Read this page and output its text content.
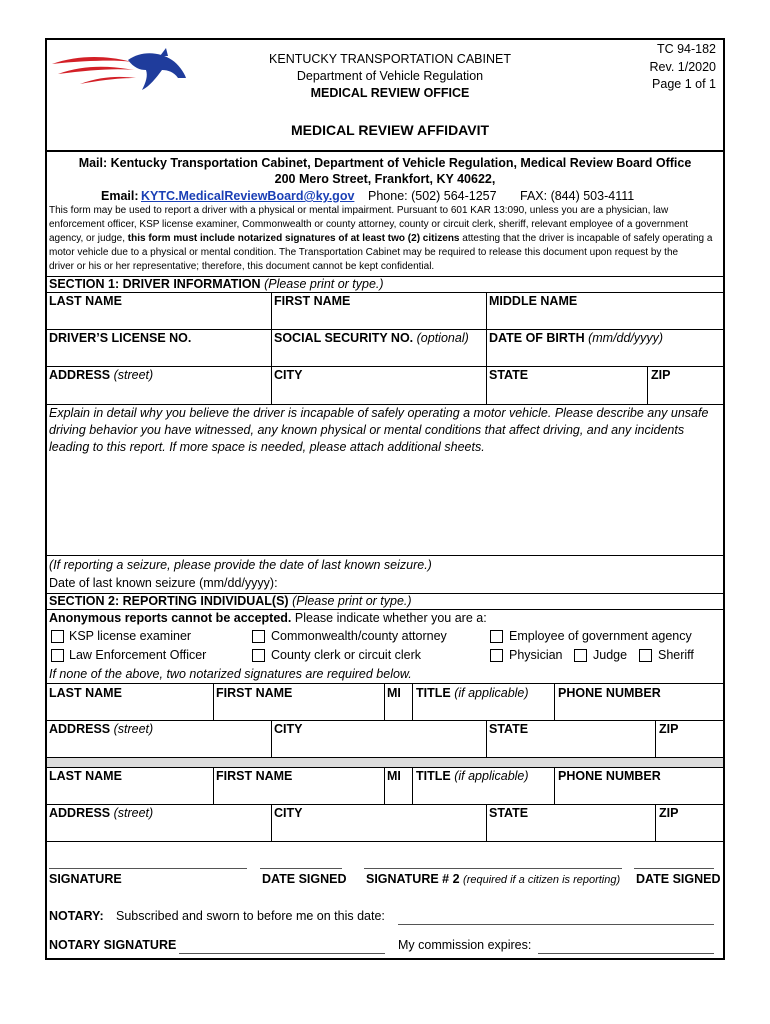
KENTUCKY TRANSPORTATION CABINET
Department of Vehicle Regulation
MEDICAL REVIEW OFFICE
TC 94-182
Rev. 1/2020
Page 1 of 1
MEDICAL REVIEW AFFIDAVIT
Mail: Kentucky Transportation Cabinet, Department of Vehicle Regulation, Medical Review Board Office
200 Mero Street, Frankfort, KY 40622,
Email: KYTC.MedicalReviewBoard@ky.gov Phone: (502) 564-1257 FAX: (844) 503-4111
This form may be used to report a driver with a physical or mental impairment. Pursuant to 601 KAR 13:090, unless you are a physician, law
enforcement officer, KSP license examiner, Commonwealth or county attorney, county or circuit clerk, sheriff, relevant employee of a government
agency, or judge, this form must include notarized signatures of at least two (2) citizens attesting that the driver is incapable of safely operating a
motor vehicle due to a physical or mental condition. The Transportation Cabinet may be required to release this document upon request by the
driver or his or her representative; therefore, this document cannot be kept confidential.
SECTION 1: DRIVER INFORMATION (Please print or type.)
LAST NAME	FIRST NAME	MIDDLE NAME
DRIVER’S LICENSE NO.	SOCIAL SECURITY NO. (optional) DATE OF BIRTH (mm/dd/yyyy)
ADDRESS (street)	CITY	STATE	ZIP
Explain in detail why you believe the driver is incapable of safely operating a motor vehicle. Please describe any unsafe
driving behavior you have witnessed, any known physical or mental conditions that affect driving, and any incidents
leading to this report. If more space is needed, please attach additional sheets.
(If reporting a seizure, please provide the date of last known seizure.)
Date of last known seizure (mm/dd/yyyy):
SECTION 2: REPORTING INDIVIDUAL(S) (Please print or type.)
Anonymous reports cannot be accepted. Please indicate whether you are a:
KSP license examiner	Commonwealth/county attorney	Employee of government agency
Law Enforcement Officer	County clerk or circuit clerk	Physician Judge Sheriff
If none of the above, two notarized signatures are required below.
LAST NAME	FIRST NAME	MI TITLE (if applicable) PHONE NUMBER
ADDRESS (street)	CITY	STATE	ZIP
LAST NAME	FIRST NAME	MI TITLE (if applicable) PHONE NUMBER
ADDRESS (street)	CITY	STATE	ZIP
SIGNATURE	DATE SIGNED SIGNATURE # 2 (required if a citizen is reporting) DATE SIGNED
NOTARY: Subscribed and sworn to before me on this date:
NOTARY SIGNATURE	My commission expires:
